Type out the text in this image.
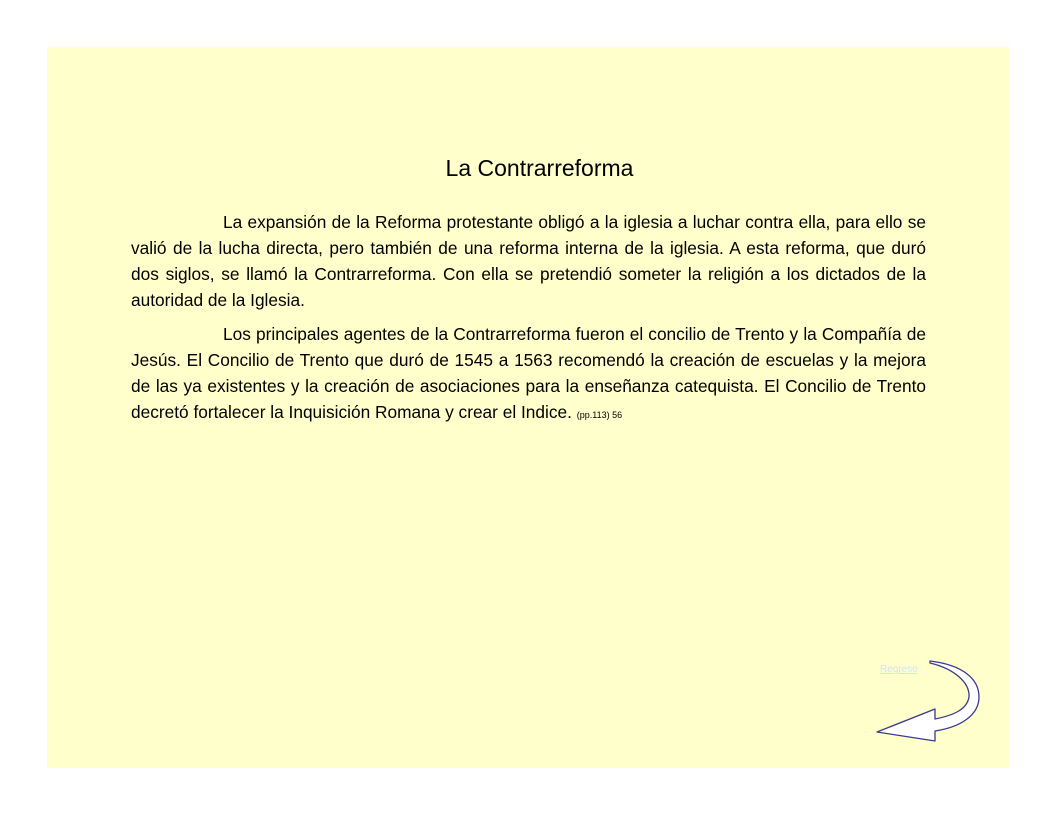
La Contrarreforma

La expansión de la Reforma protestante obligó a la iglesia a luchar contra ella, para ello se valió de la lucha directa, pero también de una reforma interna de la iglesia. A esta reforma, que duró dos siglos, se llamó la Contrarreforma. Con ella se pretendió someter la religión a los dictados de la autoridad de la Iglesia.

Los principales agentes de la Contrarreforma fueron el concilio de Trento y la Compañía de Jesús. El Concilio de Trento que duró de 1545 a 1563 recomendó la creación de escuelas y la mejora de las ya existentes y la creación de asociaciones para la enseñanza catequista. El Concilio de Trento decretó fortalecer la Inquisición Romana y crear el Indice. (pp.113) 56

Regreso
